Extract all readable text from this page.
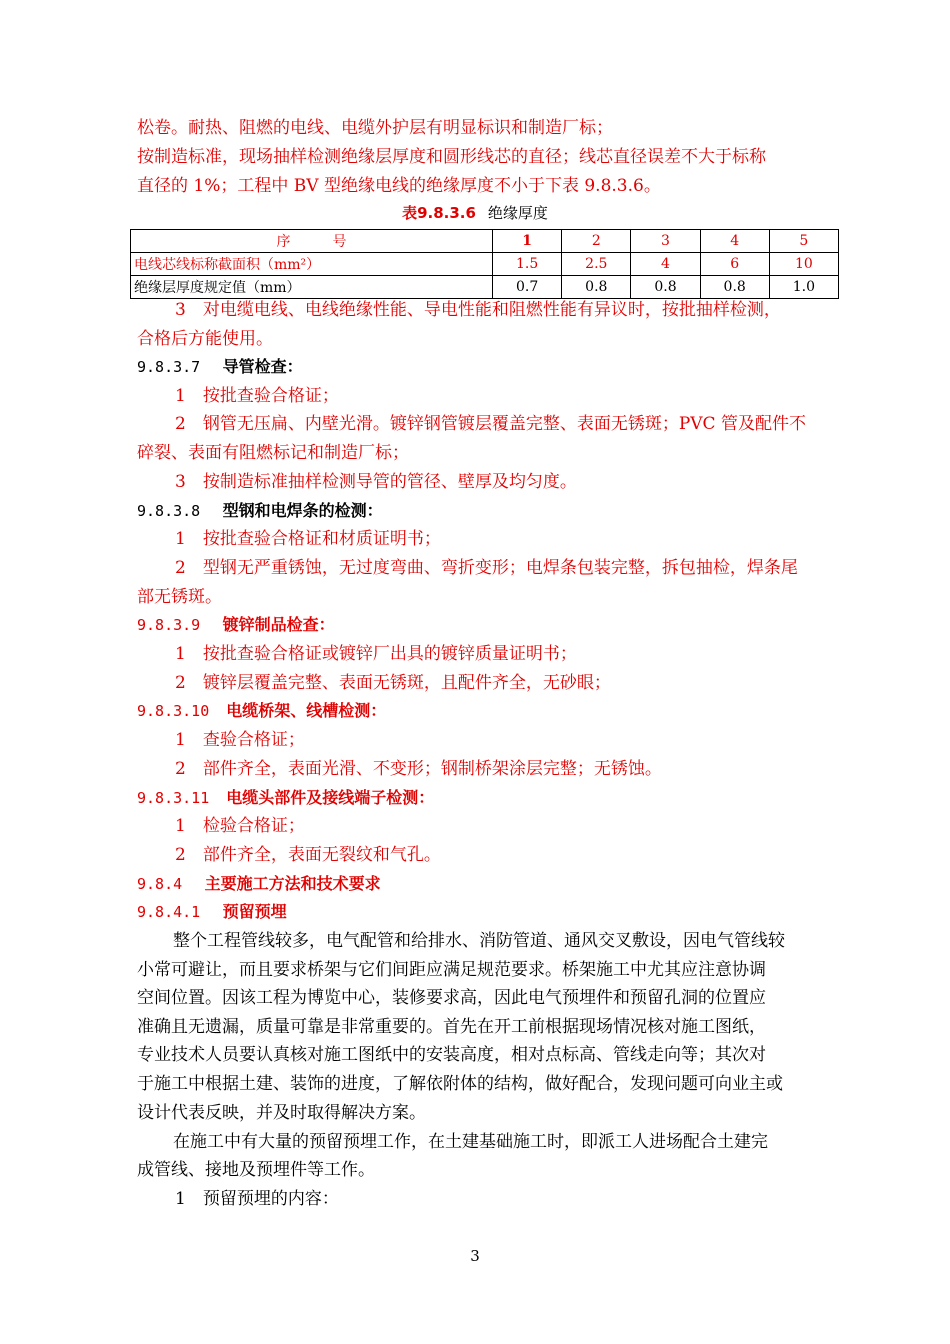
松卷。耐热、阻燃的电线、电缆外护层有明显标识和制造厂标；
按制造标准，现场抽样检测绝缘层厚度和圆形线芯的直径；线芯直径误差不大于标称
直径的 1%；工程中 BV 型绝缘电线的绝缘厚度不小于下表 9.8.3.6。
表9.8.3.6 绝缘厚度
序　　　号	1	2	3	4	5
电线芯线标称截面积（mm²）	1.5	2.5	4	6	10
绝缘层厚度规定值（mm）	0.7	0.8	0.8	0.8	1.0
3　对电缆电线、电线绝缘性能、导电性能和阻燃性能有异议时，按批抽样检测，
合格后方能使用。
9.8.3.7　 导管检查：
1　按批查验合格证；
2　钢管无压扁、内壁光滑。镀锌钢管镀层覆盖完整、表面无锈斑；PVC 管及配件不
碎裂、表面有阻燃标记和制造厂标；
3　按制造标准抽样检测导管的管径、壁厚及均匀度。
9.8.3.8　 型钢和电焊条的检测：
1　按批查验合格证和材质证明书；
2　型钢无严重锈蚀，无过度弯曲、弯折变形；电焊条包装完整，拆包抽检，焊条尾
部无锈斑。
9.8.3.9　 镀锌制品检查：
1　按批查验合格证或镀锌厂出具的镀锌质量证明书；
2　镀锌层覆盖完整、表面无锈斑，且配件齐全，无砂眼；
9.8.3.10　 电缆桥架、线槽检测：
1　查验合格证；
2　部件齐全，表面光滑、不变形；钢制桥架涂层完整；无锈蚀。
9.8.3.11　 电缆头部件及接线端子检测：
1　检验合格证；
2　部件齐全，表面无裂纹和气孔。
9.8.4　 主要施工方法和技术要求
9.8.4.1　 预留预埋
整个工程管线较多，电气配管和给排水、消防管道、通风交叉敷设，因电气管线较
小常可避让，而且要求桥架与它们间距应满足规范要求。桥架施工中尤其应注意协调
空间位置。因该工程为博览中心，装修要求高，因此电气预埋件和预留孔洞的位置应
准确且无遗漏，质量可靠是非常重要的。首先在开工前根据现场情况核对施工图纸，
专业技术人员要认真核对施工图纸中的安装高度，相对点标高、管线走向等；其次对
于施工中根据土建、装饰的进度，了解依附体的结构，做好配合，发现问题可向业主或
设计代表反映，并及时取得解决方案。
在施工中有大量的预留预埋工作，在土建基础施工时，即派工人进场配合土建完
成管线、接地及预埋件等工作。
1　预留预埋的内容：
3
